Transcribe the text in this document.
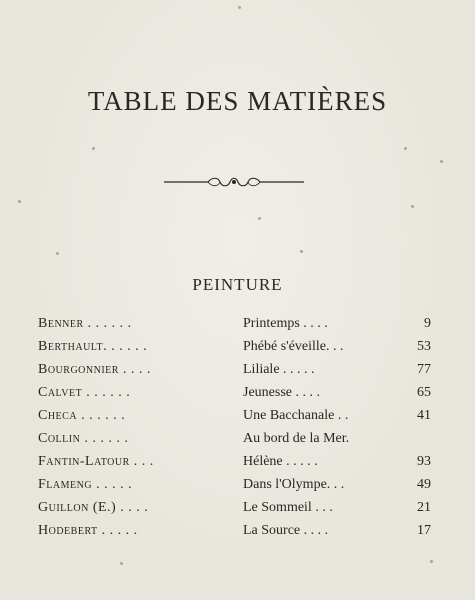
TABLE DES MATIÈRES
PEINTURE
Benner . . . . . .	Printemps . . . .	9
Berthault. . . . . .	Phébé s'éveille. . .	53
Bourgonnier . . . .	Liliale . . . . .	77
Calvet . . . . . .	Jeunesse . . . .	65
Checa . . . . . .	Une Bacchanale . .	41
Collin . . . . . .	Au bord de la Mer.
Fantin-Latour . . .	Hélène . . . . .	93
Flameng . . . . .	Dans l'Olympe. . .	49
Guillon (E.) . . . .	Le Sommeil . . .	21
Hodebert . . . . .	La Source . . . .	17
